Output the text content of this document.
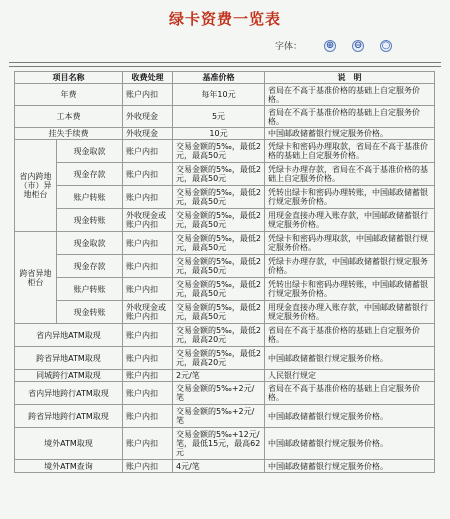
绿卡资费一览表
字体： ⊕ ⊖ ○
项目名称		收费处理	基准价格	说　明
年费		账户内扣	每年10元	省局在不高于基准价格的基础上自定服务价格。
工本费		外收现金	5元	省局在不高于基准价格的基础上自定服务价格。
挂失手续费		外收现金	10元	中国邮政储蓄银行规定服务价格。
省内跨地（市）异地柜台	现金取款	账户内扣	交易金额的5‰，最低2元，最高50元	凭绿卡和密码办理取款，省局在不高于基准价格的基础上自定服务价格。
	现金存款	账户内扣	交易金额的5‰，最低2元，最高50元	凭绿卡办理存款，省局在不高于基准价格的基础上自定服务价格。
	账户转账	账户内扣	交易金额的5‰，最低2元，最高50元	凭转出绿卡和密码办理转账，中国邮政储蓄银行规定服务价格。
	现金转账	外收现金或账户内扣	交易金额的5‰，最低2元，最高50元	用现金直接办理入账存款，中国邮政储蓄银行规定服务价格。
跨省异地柜台	现金取款	账户内扣	交易金额的5‰，最低2元，最高50元	凭绿卡和密码办理取款，中国邮政储蓄银行规定服务价格。
	现金存款	账户内扣	交易金额的5‰，最低2元，最高50元	凭绿卡办理存款，中国邮政储蓄银行规定服务价格。
	账户转账	账户内扣	交易金额的5‰，最低2元，最高50元	凭转出绿卡和密码办理转账，中国邮政储蓄银行规定服务价格。
	现金转账	外收现金或账户内扣	交易金额的5‰，最低2元，最高50元	用现金直接办理入账存款，中国邮政储蓄银行规定服务价格。
省内异地ATM取现		账户内扣	交易金额的5‰，最低2元，最高20元	省局在不高于基准价格的基础上自定服务价格。
跨省异地ATM取现		账户内扣	交易金额的5‰，最低2元，最高20元	中国邮政储蓄银行规定服务价格。
同城跨行ATM取现		账户内扣	2元/笔	人民银行规定
省内异地跨行ATM取现		账户内扣	交易金额的5‰+2元/笔	省局在不高于基准价格的基础上自定服务价格。
跨省异地跨行ATM取现		账户内扣	交易金额的5‰+2元/笔	中国邮政储蓄银行规定服务价格。
境外ATM取现		账户内扣	交易金额的5‰+12元/笔，最低15元，最高62元	中国邮政储蓄银行规定服务价格。
境外ATM查询		账户内扣	4元/笔	中国邮政储蓄银行规定服务价格。
